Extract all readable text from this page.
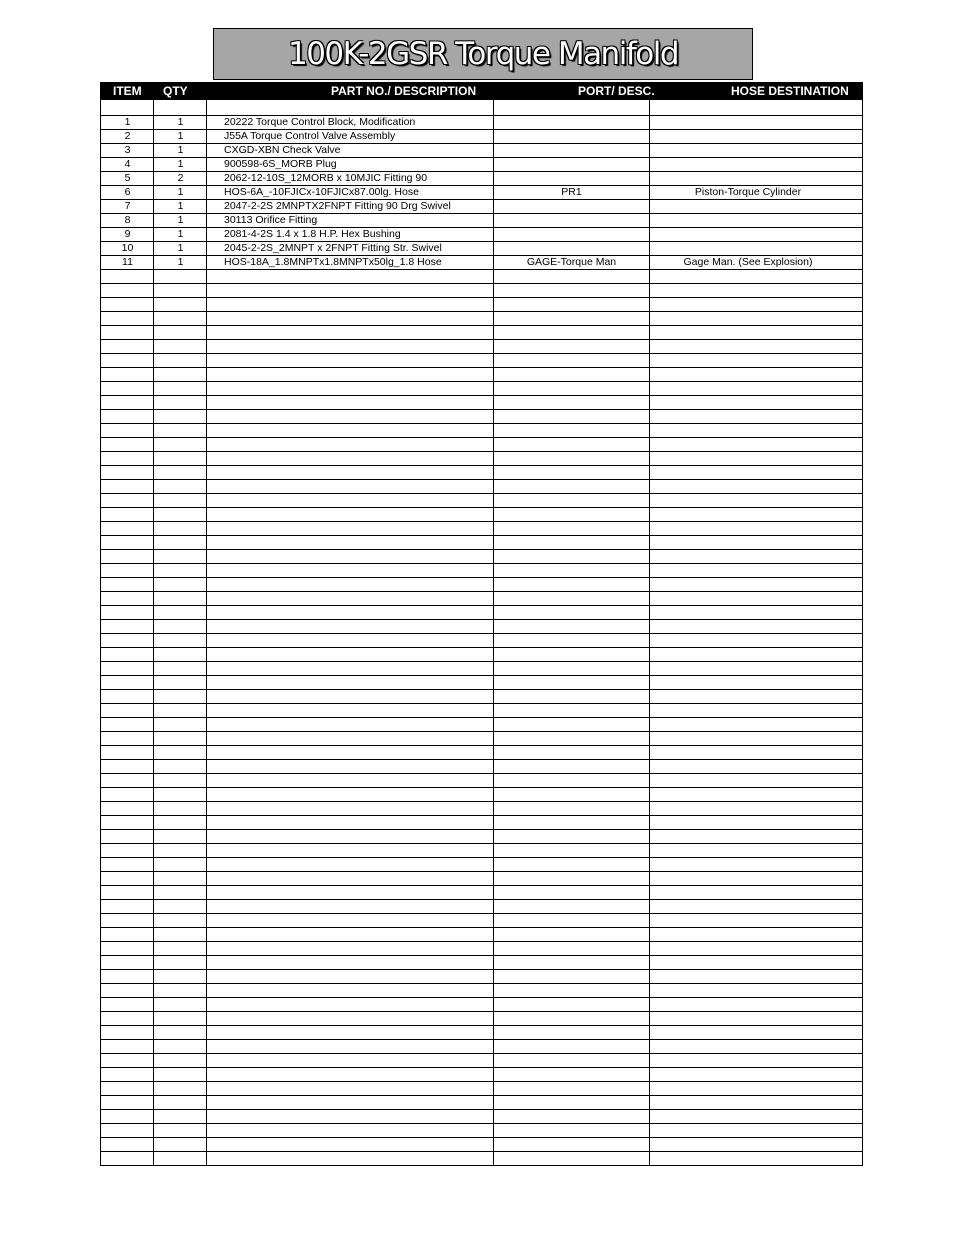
100K-2GSR Torque Manifold
ITEM QTY	PART NO./ DESCRIPTION	PORT/ DESC.	HOSE DESTINATION
1	1	20222 Torque Control Block, Modification
2	1	J55A Torque Control Valve Assembly
3	1	CXGD-XBN Check Valve
4	1	900598-6S_MORB Plug
5	2	2062-12-10S_12MORB x 10MJIC Fitting 90
6	1	HOS-6A_-10FJICx-10FJICx87.00lg. Hose	PR1	Piston-Torque Cylinder
7	1	2047-2-2S 2MNPTX2FNPT Fitting 90 Drg Swivel
8	1	30113 Orifice Fitting
9	1	2081-4-2S 1.4 x 1.8 H.P. Hex Bushing
10	1	2045-2-2S_2MNPT x 2FNPT Fitting Str. Swivel
11	1	HOS-18A_1.8MNPTx1.8MNPTx50lg_1.8 Hose	GAGE-Torque Man	Gage Man. (See Explosion)
